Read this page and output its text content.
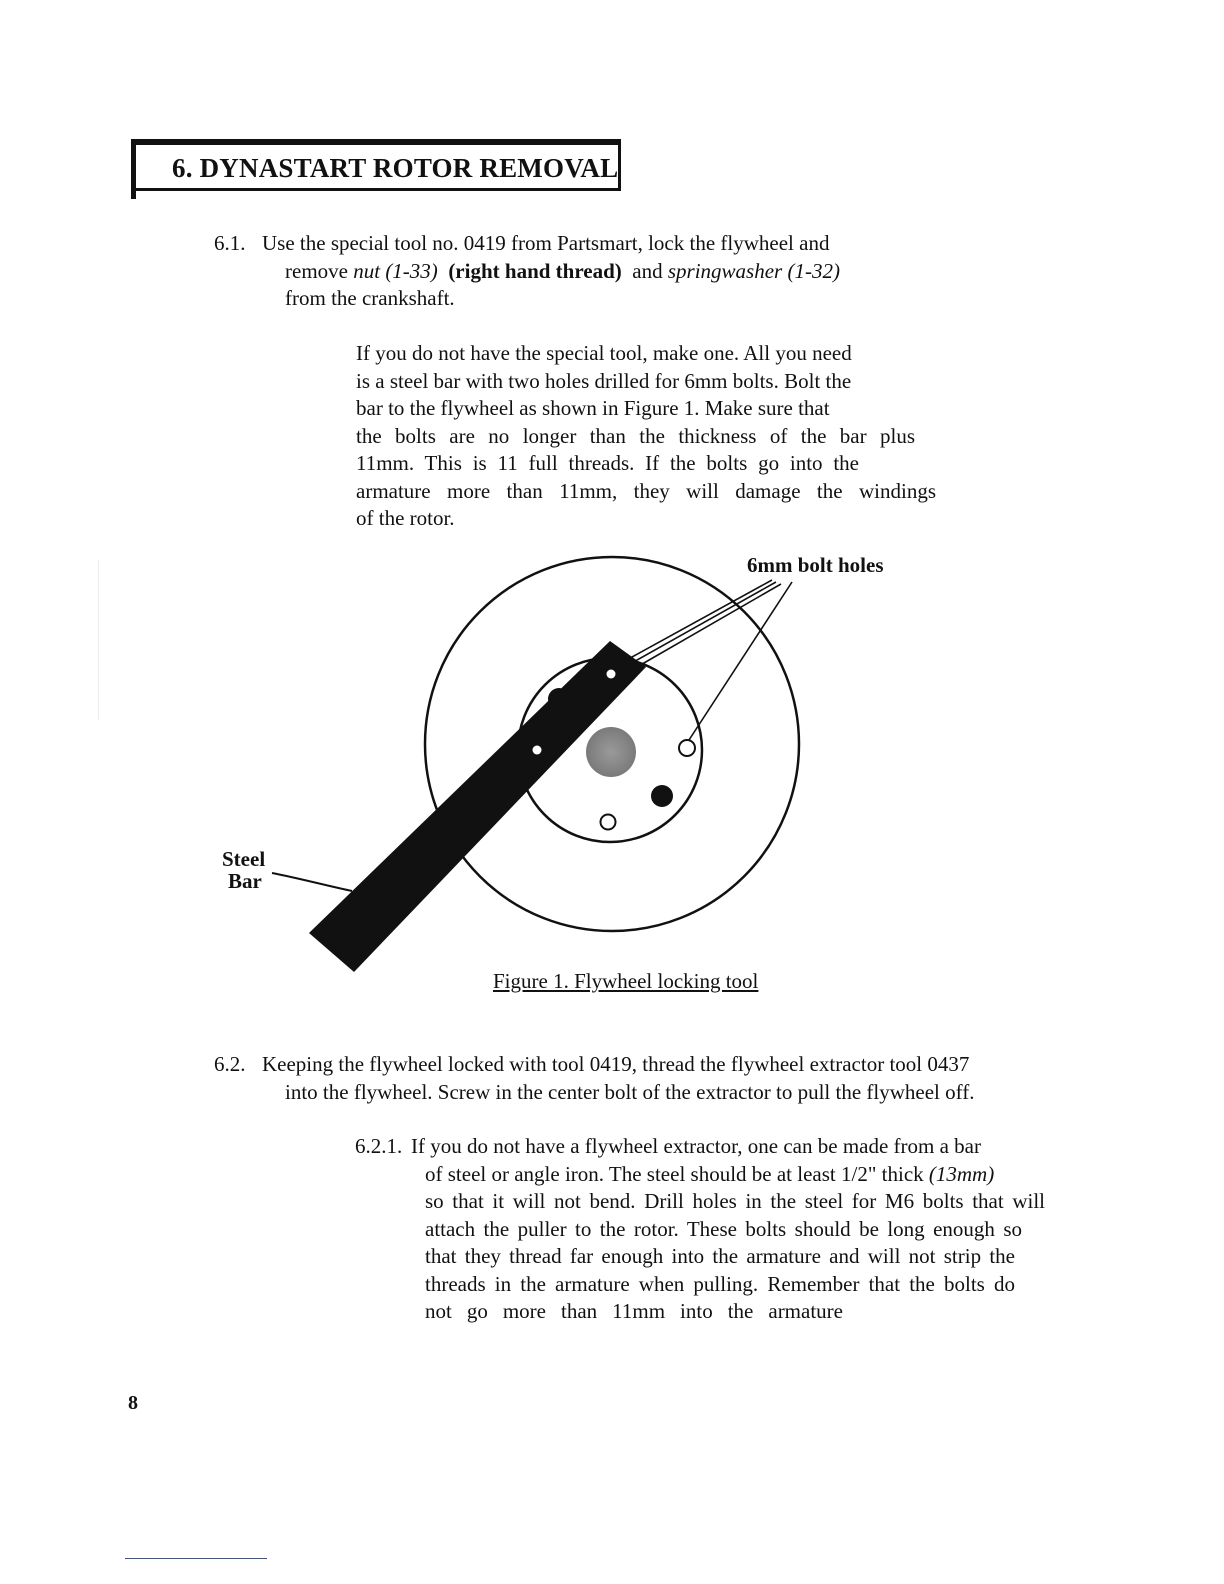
6. DYNASTART ROTOR REMOVAL
6.1. Use the special tool no. 0419 from Partsmart, lock the flywheel and
remove nut (1-33) (right hand thread) and springwasher (1-32)
from the crankshaft.
If you do not have the special tool, make one. All you need
is a steel bar with two holes drilled for 6mm bolts. Bolt the
bar to the flywheel as shown in Figure 1. Make sure that
the bolts are no longer than the thickness of the bar plus
11mm. This is 11 full threads. If the bolts go into the
armature more than 11mm, they will damage the windings
of the rotor.
6mm bolt holes
Steel
Bar
Figure 1. Flywheel locking tool
6.2. Keeping the flywheel locked with tool 0419, thread the flywheel extractor tool 0437
into the flywheel. Screw in the center bolt of the extractor to pull the flywheel off.
6.2.1. If you do not have a flywheel extractor, one can be made from a bar
of steel or angle iron. The steel should be at least 1/2" thick (13mm)
so that it will not bend. Drill holes in the steel for M6 bolts that will
attach the puller to the rotor. These bolts should be long enough so
that they thread far enough into the armature and will not strip the
threads in the armature when pulling. Remember that the bolts do
not go more than 11mm into the armature
8
